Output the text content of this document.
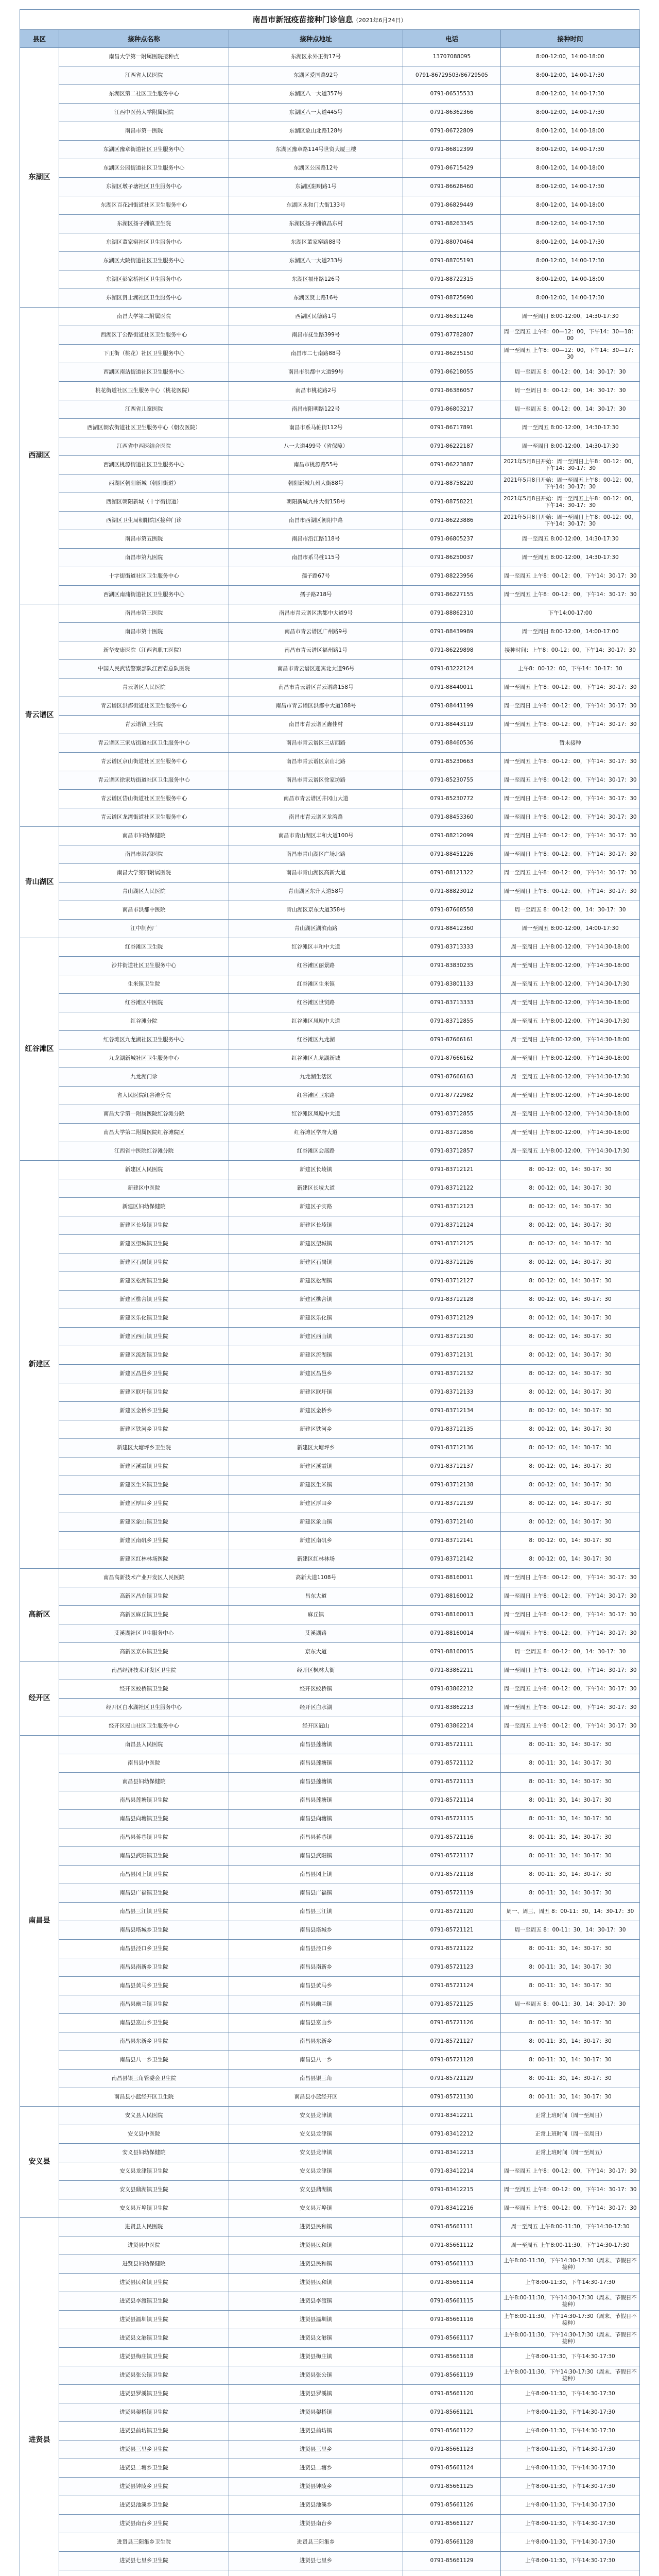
南昌市新冠疫苗接种门诊信息（2021年6月24日）
县区	接种点名称	接种点地址	电话	接种时间
东湖区	南昌大学第一附属医院接种点	东湖区永外正街17号	13707088095	8:00-12:00，14:00-18:00
	江西省人民医院	东湖区爱国路92号	0791-86729503/86729505	8:00-12:00，14:00-17:30
	东湖区第二社区卫生服务中心	东湖区八一大道357号	0791-86535533	8:00-12:00，14:00-17:30
	江西中医药大学附属医院	东湖区八一大道445号	0791-86362366	8:00-12:00，14:00-17:30
	南昌市第一医院	东湖区象山北路128号	0791-86722809	8:00-12:00，14:00-18:00
	东湖区豫章街道社区卫生服务中心	东湖区豫章路114号世贸大厦三楼	0791-86812399	8:00-12:00，14:00-17:30
	东湖区公园街道社区卫生服务中心	东湖区公园路12号	0791-86715429	8:00-12:00，14:00-18:00
	东湖区墩子塘社区卫生服务中心	东湖区阳明路1号	0791-86628460	8:00-12:00，14:00-17:30
	东湖区百花洲街道社区卫生服务中心	东湖区永和门大街133号	0791-86829449	8:00-12:00，14:00-18:00
	东湖区扬子洲镇卫生院	东湖区扬子洲镇昌东村	0791-88263345	8:00-12:00，14:00-17:30
	东湖区董家窑社区卫生服务中心	东湖区董家窑路88号	0791-88070464	8:00-12:00，14:00-17:30
	东湖区大院街道社区卫生服务中心	东湖区八一大道233号	0791-88705193	8:00-12:00，14:00-17:30
	东湖区彭家桥社区卫生服务中心	东湖区福州路126号	0791-88722315	8:00-12:00，14:00-18:00
	东湖区贤士湖社区卫生服务中心	东湖区贤士路16号	0791-88725690	8:00-12:00，14:00-17:30
西湖区	南昌大学第二附属医院	西湖区民德路1号	0791-86311246	周一至周日 8:00-12:00，14:30-17:30
	西湖区丁公路街道社区卫生服务中心	南昌市抚生路399号	0791-87782807	周一至周五 上午8：00—12：00，下午14：30—18：00
	下正街（桃花）社区卫生服务中心	南昌市二七南路88号	0791-86235150	周一至周五 上午8：00—12：00，下午14：30—17：30
	西湖区南站街道社区卫生服务中心	南昌市洪都中大道99号	0791-86218055	周一至周五 8：00-12：00，14：30-17：30
	桃花街道社区卫生服务中心（桃花医院）	南昌市桃花路2号	0791-86386057	周一至周日 8：00-12：00，14：30-17：30
	江西省儿童医院	南昌市阳明路122号	0791-86803217	周一至周五 8：00-12：00，14：30-17：30
	西湖区朝农街道社区卫生服务中心（朝农医院）	南昌市系马桩街112号	0791-86717891	周一至周五 8:00-12:00，14:30-17:30
	江西省中西医结合医院	八一大道499号（省保障）	0791-86222187	周一至周日 8:00-12:00，14:30-17:30
	西湖区桃源街道社区卫生服务中心	南昌市桃源路55号	0791-86223887	2021年5月8日开始：周一至周日上午8：00-12：00，下午14：30-17：30
	西湖区朝阳新城（朝阳街道）	朝阳新城九州大街88号	0791-88758220	2021年5月8日开始：周一至周五上午8：00-12：00，下午14：30-17：30
	西湖区朝阳新城（十字街街道）	朝阳新城九州大街158号	0791-88758221	2021年5月8日开始：周一至周五上午8：00-12：00，下午14：30-17：30
	西湖区卫生局朝阳院区接种门诊	南昌市西湖区朝阳中路	0791-86223886	2021年5月8日开始：周一至周日上午8：00-12：00，下午14：30-17：30
	南昌市第五医院	南昌市沿江路118号	0791-86805237	周一至周五 8:00-12:00，14:30-17:30
	南昌市第九医院	南昌市系马桩115号	0791-86250037	周一至周五 8:00-12:00，14:30-17:30
	十字街街道社区卫生服务中心	孺子路67号	0791-88223956	周一至周五 上午8：00-12：00，下午14：30-17：30
	西湖区南浦街道社区卫生服务中心	孺子路218号	0791-86227155	周一至周五 上午8：00-12：00，下午14：30-17：30
青云谱区	南昌市第三医院	南昌市青云谱区洪都中大道9号	0791-88862310	下午14:00-17:00
	南昌市第十医院	南昌市青云谱区广州路9号	0791-88439989	周一至周日 8:00-12:00，14:00-17:00
	新华安康医院（江西省职工医院）	南昌市青云谱区福州路1号	0791-86229898	接种时间：上午8：00-12：00，下午14：30-17：30
	中国人民武装警察部队江西省总队医院	南昌市青云谱区迎宾北大道96号	0791-83222124	上午8：00-12：00，下午14：30-17：30
	青云谱区人民医院	南昌市青云谱区青云谱路158号	0791-88440011	周一至周五 上午8：00-12：00，下午14：30-17：30
	青云谱区洪都街道社区卫生服务中心	南昌市青云谱区洪都中大道188号	0791-88441199	周一至周日 上午8：00-12：00，下午14：30-17：30
	青云谱镇卫生院	南昌市青云谱区鑫佳村	0791-88443119	周一至周五 上午8：00-12：00，下午14：30-17：30
	青云谱区三家店街道社区卫生服务中心	南昌市青云谱区三店西路	0791-88460536	暂未接种
	青云谱区京山街道社区卫生服务中心	南昌市青云谱区京山北路	0791-85230663	周一至周五 上午8：00-12：00，下午14：30-17：30
	青云谱区徐家坊街道社区卫生服务中心	南昌市青云谱区徐家坊路	0791-85230755	周一至周五 上午8：00-12：00，下午14：30-17：30
	青云谱区岱山街道社区卫生服务中心	南昌市青云谱区井冈山大道	0791-85230772	周一至周日 上午8：00-12：00，下午14：30-17：30
	青云谱区龙湾街道社区卫生服务中心	南昌市青云谱区龙湾路	0791-88453360	周一至周日 上午8：00-12：00，下午14：30-17：30
青山湖区	南昌市妇幼保健院	南昌市青山湖区丰和大道100号	0791-88212099	周一至周日 上午8：00-12：00，下午14：30-17：30
	南昌市洪都医院	南昌市青山湖区广场北路	0791-88451226	周一至周日 上午8：00-12：00，下午14：30-17：30
	南昌大学第四附属医院	南昌市青山湖区高新大道	0791-88121322	周一至周五 上午8：00-12：00，下午14：30-17：30
	青山湖区人民医院	青山湖区东升大道58号	0791-88823012	周一至周日 上午8：00-12：00，下午14：30-17：30
	南昌市洪都中医院	青山湖区京东大道358号	0791-87668558	周一至周五 8：00-12：00，14：30-17：30
	江中制药厂	青山湖区湖滨南路	0791-88412360	周一至周五 8:00-12:00，14:00-17:30
红谷滩区	红谷滩区卫生院	红谷滩区丰和中大道	0791-83713333	周一至周日 上午8:00-12:00，下午14:30-18:00
	沙井街道社区卫生服务中心	红谷滩区丽景路	0791-83830235	周一至周日 上午8:00-12:00，下午14:30-18:00
	生米镇卫生院	红谷滩区生米镇	0791-83801133	周一至周五 上午8:00-12:00，下午14:30-17:30
	红谷滩区中医院	红谷滩区世贸路	0791-83713333	周一至周日 上午8:00-12:00，下午14:30-18:00
	红谷滩分院	红谷滩区凤凰中大道	0791-83712855	周一至周五 上午8:00-12:00，下午14:30-17:30
	红谷滩区九龙湖社区卫生服务中心	红谷滩区九龙湖	0791-87666161	周一至周日 上午8:00-12:00，下午14:30-18:00
	九龙湖新城社区卫生服务中心	红谷滩区九龙湖新城	0791-87666162	周一至周日 上午8:00-12:00，下午14:30-18:00
	九龙湖门诊	九龙湖生活区	0791-87666163	周一至周五 上午8:00-12:00，下午14:30-17:30
	省人民医院红谷滩分院	红谷滩区卫东路	0791-87722982	周一至周日 上午8:00-12:00，下午14:30-18:00
	南昌大学第一附属医院红谷滩分院	红谷滩区凤凰中大道	0791-83712855	周一至周日 上午8:00-12:00，下午14:30-18:00
	南昌大学第二附属医院红谷滩院区	红谷滩区学府大道	0791-83712856	周一至周日 上午8:00-12:00，下午14:30-18:00
	江西省中医院红谷滩分院	红谷滩区会展路	0791-83712857	周一至周五 上午8:00-12:00，下午14:30-17:30
新建区	新建区人民医院	新建区长堎镇	0791-83712121	8：00-12：00，14：30-17：30
	新建区中医院	新建区长堎大道	0791-83712122	8：00-12：00，14：30-17：30
	新建区妇幼保健院	新建区子实路	0791-83712123	8：00-12：00，14：30-17：30
	新建区长堎镇卫生院	新建区长堎镇	0791-83712124	8：00-12：00，14：30-17：30
	新建区望城镇卫生院	新建区望城镇	0791-83712125	8：00-12：00，14：30-17：30
	新建区石岗镇卫生院	新建区石岗镇	0791-83712126	8：00-12：00，14：30-17：30
	新建区松湖镇卫生院	新建区松湖镇	0791-83712127	8：00-12：00，14：30-17：30
	新建区樵舍镇卫生院	新建区樵舍镇	0791-83712128	8：00-12：00，14：30-17：30
	新建区乐化镇卫生院	新建区乐化镇	0791-83712129	8：00-12：00，14：30-17：30
	新建区西山镇卫生院	新建区西山镇	0791-83712130	8：00-12：00，14：30-17：30
	新建区流湖镇卫生院	新建区流湖镇	0791-83712131	8：00-12：00，14：30-17：30
	新建区昌邑乡卫生院	新建区昌邑乡	0791-83712132	8：00-12：00，14：30-17：30
	新建区联圩镇卫生院	新建区联圩镇	0791-83712133	8：00-12：00，14：30-17：30
	新建区金桥乡卫生院	新建区金桥乡	0791-83712134	8：00-12：00，14：30-17：30
	新建区铁河乡卫生院	新建区铁河乡	0791-83712135	8：00-12：00，14：30-17：30
	新建区大塘坪乡卫生院	新建区大塘坪乡	0791-83712136	8：00-12：00，14：30-17：30
	新建区溪霞镇卫生院	新建区溪霞镇	0791-83712137	8：00-12：00，14：30-17：30
	新建区生米镇卫生院	新建区生米镇	0791-83712138	8：00-12：00，14：30-17：30
	新建区厚田乡卫生院	新建区厚田乡	0791-83712139	8：00-12：00，14：30-17：30
	新建区象山镇卫生院	新建区象山镇	0791-83712140	8：00-12：00，14：30-17：30
	新建区南矶乡卫生院	新建区南矶乡	0791-83712141	8：00-12：00，14：30-17：30
	新建区红林林场医院	新建区红林林场	0791-83712142	8：00-12：00，14：30-17：30
高新区	南昌高新技术产业开发区人民医院	高新大道1108号	0791-88160011	周一至周日 上午8：00-12：00，下午14：30-17：30
	高新区昌东镇卫生院	昌东大道	0791-88160012	周一至周日 上午8：00-12：00，下午14：30-17：30
	高新区麻丘镇卫生院	麻丘镇	0791-88160013	周一至周日 上午8：00-12：00，下午14：30-17：30
	艾溪湖社区卫生服务中心	艾溪湖路	0791-88160014	周一至周五 上午8：00-12：00，下午14：30-17：30
	高新区京东镇卫生院	京东大道	0791-88160015	周一至周五 8：00-12：00，14：30-17：30
经开区	南昌经济技术开发区卫生院	经开区枫林大街	0791-83862211	周一至周日 上午8：00-12：00，下午14：30-17：30
	经开区蛟桥镇卫生院	经开区蛟桥镇	0791-83862212	周一至周五 上午8：00-12：00，下午14：30-17：30
	经开区白水湖社区卫生服务中心	经开区白水湖	0791-83862213	周一至周五 上午8：00-12：00，下午14：30-17：30
	经开区冠山社区卫生服务中心	经开区冠山	0791-83862214	周一至周五 上午8：00-12：00，下午14：30-17：30
南昌县	南昌县人民医院	南昌县莲塘镇	0791-85721111	8：00-11：30，14：30-17：30
	南昌县中医院	南昌县莲塘镇	0791-85721112	8：00-11：30，14：30-17：30
	南昌县妇幼保健院	南昌县莲塘镇	0791-85721113	8：00-11：30，14：30-17：30
	南昌县莲塘镇卫生院	南昌县莲塘镇	0791-85721114	8：00-11：30，14：30-17：30
	南昌县向塘镇卫生院	南昌县向塘镇	0791-85721115	8：00-11：30，14：30-17：30
	南昌县蒋巷镇卫生院	南昌县蒋巷镇	0791-85721116	8：00-11：30，14：30-17：30
	南昌县武阳镇卫生院	南昌县武阳镇	0791-85721117	8：00-11：30，14：30-17：30
	南昌县冈上镇卫生院	南昌县冈上镇	0791-85721118	8：00-11：30，14：30-17：30
	南昌县广福镇卫生院	南昌县广福镇	0791-85721119	8：00-11：30，14：30-17：30
	南昌县三江镇卫生院	南昌县三江镇	0791-85721120	周一、周三、周五 8：00-11：30，14：30-17：30
	南昌县塔城乡卫生院	南昌县塔城乡	0791-85721121	周一至周五 8：00-11：30，14：30-17：30
	南昌县泾口乡卫生院	南昌县泾口乡	0791-85721122	8：00-11：30，14：30-17：30
	南昌县南新乡卫生院	南昌县南新乡	0791-85721123	8：00-11：30，14：30-17：30
	南昌县黄马乡卫生院	南昌县黄马乡	0791-85721124	8：00-11：30，14：30-17：30
	南昌县幽兰镇卫生院	南昌县幽兰镇	0791-85721125	周一至周五 8：00-11：30，14：30-17：30
	南昌县富山乡卫生院	南昌县富山乡	0791-85721126	8：00-11：30，14：30-17：30
	南昌县东新乡卫生院	南昌县东新乡	0791-85721127	8：00-11：30，14：30-17：30
	南昌县八一乡卫生院	南昌县八一乡	0791-85721128	8：00-11：30，14：30-17：30
	南昌县银三角管委会卫生院	南昌县银三角	0791-85721129	8：00-11：30，14：30-17：30
	南昌县小蓝经开区卫生院	南昌县小蓝经开区	0791-85721130	8：00-11：30，14：30-17：30
安义县	安义县人民医院	安义县龙津镇	0791-83412211	正常上班时间（周一至周日）
	安义县中医院	安义县龙津镇	0791-83412212	正常上班时间（周一至周日）
	安义县妇幼保健院	安义县龙津镇	0791-83412213	正常上班时间（周一至周五）
	安义县龙津镇卫生院	安义县龙津镇	0791-83412214	周一至周五 上午8：00-12：00，下午14：30-17：30
	安义县鼎湖镇卫生院	安义县鼎湖镇	0791-83412215	周一至周五 上午8：00-12：00，下午14：30-17：30
	安义县万埠镇卫生院	安义县万埠镇	0791-83412216	周一至周五 上午8：00-12：00，下午14：30-17：30
进贤县	进贤县人民医院	进贤县民和镇	0791-85661111	周一至周五 上午8:00-11:30，下午14:30-17:30
	进贤县中医院	进贤县民和镇	0791-85661112	周一至周五 上午8:00-11:30，下午14:30-17:30
	进贤县妇幼保健院	进贤县民和镇	0791-85661113	上午8:00-11:30，下午14:30-17:30（周末、节假日不接种）
	进贤县民和镇卫生院	进贤县民和镇	0791-85661114	上午8:00-11:30，下午14:30-17:30
	进贤县李渡镇卫生院	进贤县李渡镇	0791-85661115	上午8:00-11:30，下午14:30-17:30（周末、节假日不接种）
	进贤县温圳镇卫生院	进贤县温圳镇	0791-85661116	上午8:00-11:30，下午14:30-17:30（周末、节假日不接种）
	进贤县文港镇卫生院	进贤县文港镇	0791-85661117	上午8:00-11:30，下午14:30-17:30（周末、节假日不接种）
	进贤县梅庄镇卫生院	进贤县梅庄镇	0791-85661118	上午8:00-11:30，下午14:30-17:30
	进贤县张公镇卫生院	进贤县张公镇	0791-85661119	上午8:00-11:30，下午14:30-17:30（周末、节假日不接种）
	进贤县罗溪镇卫生院	进贤县罗溪镇	0791-85661120	上午8:00-11:30，下午14:30-17:30
	进贤县架桥镇卫生院	进贤县架桥镇	0791-85661121	上午8:00-11:30，下午14:30-17:30
	进贤县前坊镇卫生院	进贤县前坊镇	0791-85661122	上午8:00-11:30，下午14:30-17:30
	进贤县三里乡卫生院	进贤县三里乡	0791-85661123	上午8:00-11:30，下午14:30-17:30
	进贤县二塘乡卫生院	进贤县二塘乡	0791-85661124	上午8:00-11:30，下午14:30-17:30
	进贤县钟陵乡卫生院	进贤县钟陵乡	0791-85661125	上午8:00-11:30，下午14:30-17:30
	进贤县池溪乡卫生院	进贤县池溪乡	0791-85661126	上午8:00-11:30，下午14:30-17:30
	进贤县南台乡卫生院	进贤县南台乡	0791-85661127	上午8:00-11:30，下午14:30-17:30
	进贤县三阳集乡卫生院	进贤县三阳集乡	0791-85661128	上午8:00-11:30，下午14:30-17:30
	进贤县七里乡卫生院	进贤县七里乡	0791-85661129	上午8:00-11:30，下午14:30-17:30
